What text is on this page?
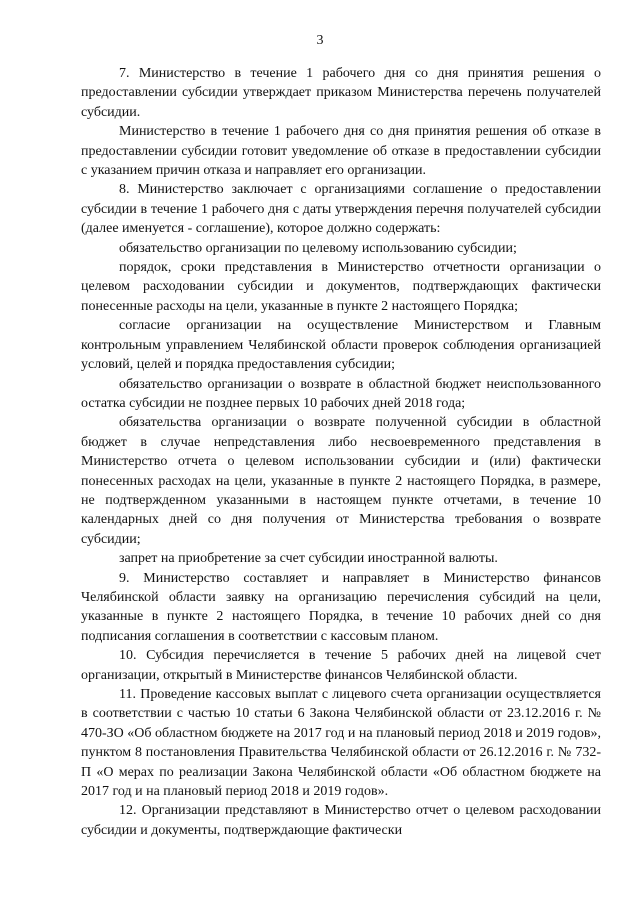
3

7. Министерство в течение 1 рабочего дня со дня принятия решения о предоставлении субсидии утверждает приказом Министерства перечень получателей субсидии.

Министерство в течение 1 рабочего дня со дня принятия решения об отказе в предоставлении субсидии готовит уведомление об отказе в предоставлении субсидии с указанием причин отказа и направляет его организации.

8. Министерство заключает с организациями соглашение о предоставлении субсидии в течение 1 рабочего дня с даты утверждения перечня получателей субсидии (далее именуется - соглашение), которое должно содержать:

обязательство организации по целевому использованию субсидии;

порядок, сроки представления в Министерство отчетности организации о целевом расходовании субсидии и документов, подтверждающих фактически понесенные расходы на цели, указанные в пункте 2 настоящего Порядка;

согласие организации на осуществление Министерством и Главным контрольным управлением Челябинской области проверок соблюдения организацией условий, целей и порядка предоставления субсидии;

обязательство организации о возврате в областной бюджет неиспользованного остатка субсидии не позднее первых 10 рабочих дней 2018 года;

обязательства организации о возврате полученной субсидии в областной бюджет в случае непредставления либо несвоевременного представления в Министерство отчета о целевом использовании субсидии и (или) фактически понесенных расходах на цели, указанные в пункте 2 настоящего Порядка, в размере, не подтвержденном указанными в настоящем пункте отчетами, в течение 10 календарных дней со дня получения от Министерства требования о возврате субсидии;

запрет на приобретение за счет субсидии иностранной валюты.

9. Министерство составляет и направляет в Министерство финансов Челябинской области заявку на организацию перечисления субсидий на цели, указанные в пункте 2 настоящего Порядка, в течение 10 рабочих дней со дня подписания соглашения в соответствии с кассовым планом.

10. Субсидия перечисляется в течение 5 рабочих дней на лицевой счет организации, открытый в Министерстве финансов Челябинской области.

11. Проведение кассовых выплат с лицевого счета организации осуществляется в соответствии с частью 10 статьи 6 Закона Челябинской области от 23.12.2016 г. № 470-ЗО «Об областном бюджете на 2017 год и на плановый период 2018 и 2019 годов», пунктом 8 постановления Правительства Челябинской области от 26.12.2016 г. № 732-П «О мерах по реализации Закона Челябинской области «Об областном бюджете на 2017 год и на плановый период 2018 и 2019 годов».

12. Организации представляют в Министерство отчет о целевом расходовании субсидии и документы, подтверждающие фактически
